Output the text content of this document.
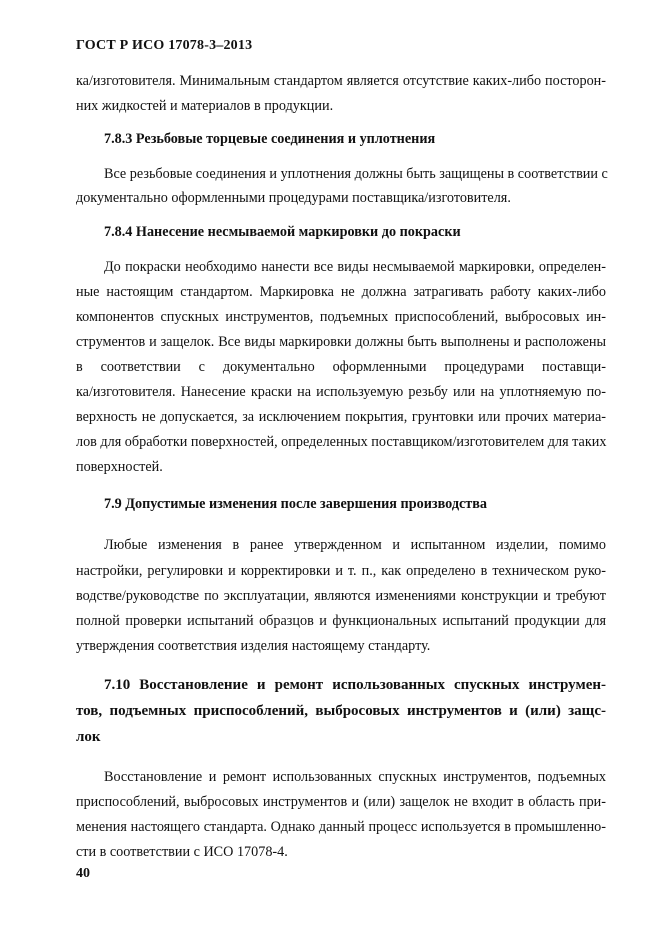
ГОСТ Р ИСО 17078-3–2013
ка/изготовителя. Минимальным стандартом является отсутствие каких-либо посторон-
них жидкостей и материалов в продукции.
7.8.3 Резьбовые торцевые соединения и уплотнения
Все резьбовые соединения и уплотнения должны быть защищены в соответствии с
документально оформленными процедурами поставщика/изготовителя.
7.8.4 Нанесение несмываемой маркировки до покраски
До покраски необходимо нанести все виды несмываемой маркировки, определен-
ные настоящим стандартом. Маркировка не должна затрагивать работу каких-либо
компонентов спускных инструментов, подъемных приспособлений, выбросовых ин-
струментов и защелок. Все виды маркировки должны быть выполнены и расположены
в соответствии с документально оформленными процедурами поставщи-
ка/изготовителя. Нанесение краски на используемую резьбу или на уплотняемую по-
верхность не допускается, за исключением покрытия, грунтовки или прочих материа-
лов для обработки поверхностей, определенных поставщиком/изготовителем для таких
поверхностей.
7.9 Допустимые изменения после завершения производства
Любые изменения в ранее утвержденном и испытанном изделии, помимо
настройки, регулировки и корректировки и т. п., как определено в техническом руко-
водстве/руководстве по эксплуатации, являются изменениями конструкции и требуют
полной проверки испытаний образцов и функциональных испытаний продукции для
утверждения соответствия изделия настоящему стандарту.
7.10 Восстановление и ремонт использованных спускных инструмен-
тов, подъемных приспособлений, выбросовых инструментов и (или) защс-
лок
Восстановление и ремонт использованных спускных инструментов, подъемных
приспособлений, выбросовых инструментов и (или) защелок не входит в область при-
менения настоящего стандарта. Однако данный процесс используется в промышленно-
сти в соответствии с ИСО 17078-4.
40
